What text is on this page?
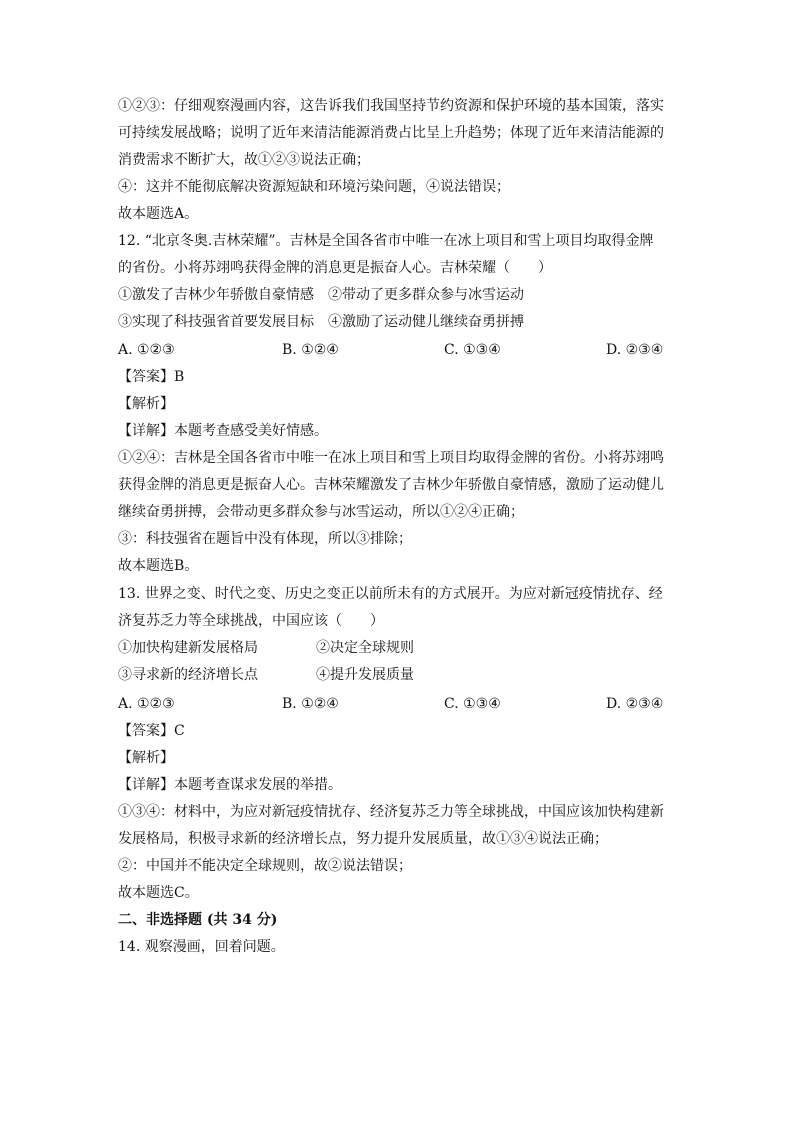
①②③：仔细观察漫画内容，这告诉我们我国坚持节约资源和保护环境的基本国策，落实
可持续发展战略；说明了近年来清洁能源消费占比呈上升趋势；体现了近年来清洁能源的
消费需求不断扩大，故①②③说法正确；
④：这并不能彻底解决资源短缺和环境污染问题，④说法错误；
故本题选A。
12. “北京冬奥.吉林荣耀”。吉林是全国各省市中唯一在冰上项目和雪上项目均取得金牌
的省份。小将苏翊鸣获得金牌的消息更是振奋人心。吉林荣耀（　　）
①激发了吉林少年骄傲自豪情感　②带动了更多群众参与冰雪运动
③实现了科技强省首要发展目标　④激励了运动健儿继续奋勇拼搏
A. ①②③	B. ①②④	C. ①③④	D. ②③④
【答案】B
【解析】
【详解】本题考查感受美好情感。
①②④：吉林是全国各省市中唯一在冰上项目和雪上项目均取得金牌的省份。小将苏翊鸣
获得金牌的消息更是振奋人心。吉林荣耀激发了吉林少年骄傲自豪情感，激励了运动健儿
继续奋勇拼搏，会带动更多群众参与冰雪运动，所以①②④正确；
③：科技强省在题旨中没有体现，所以③排除；
故本题选B。
13. 世界之变、时代之变、历史之变正以前所未有的方式展开。为应对新冠疫情扰存、经
济复苏乏力等全球挑战，中国应该（　　）
①加快构建新发展格局	②决定全球规则
③寻求新的经济增长点	④提升发展质量
A. ①②③	B. ①②④	C. ①③④	D. ②③④
【答案】C
【解析】
【详解】本题考查谋求发展的举措。
①③④：材料中，为应对新冠疫情扰存、经济复苏乏力等全球挑战，中国应该加快构建新
发展格局，积极寻求新的经济增长点，努力提升发展质量，故①③④说法正确；
②：中国并不能决定全球规则，故②说法错误；
故本题选C。
二、非选择题 (共 34 分)
14. 观察漫画，回着问题。
